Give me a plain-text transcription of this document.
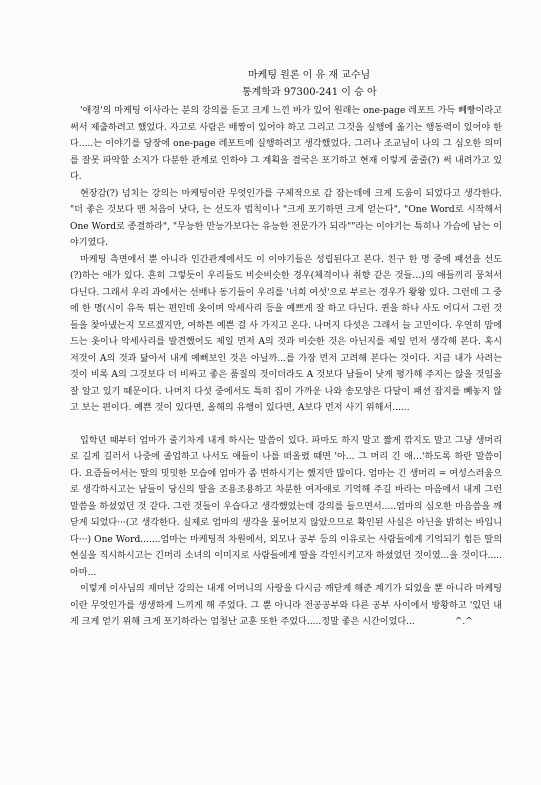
마케팅 원론 이 유 재 교수님
통계학과 97300-241 이 승 아

'애경'의 마케팅 이사라는 분의 강의를 듣고 크게 느낀 바가 있어 원래는 one-page 레포트 가득 빼빵이라고 써서 제출하려고 했었다. 자고로 사람은 배짱이 있어야 하고 그리고 그것을 실행에 옮기는 행동력이 있어야 한다.....는 이야기를 당장에 one-page 레포트에 실행하려고 생각했었다. 그러나 조교님이 나의 그 심오한 의미를 잘못 파악할 소지가 다분한 관계로 인하야 그 계획을 결국은 포기하고 현재 이렇게 줄줄(?) 써 내려가고 있다.

현장감(?) 넘치는 강의는 마케팅이란 무엇인가를 구체적으로 감 잡는데에 크게 도움이 되었다고 생각한다. "더 좋은 것보다 맨 처음이 낫다, 는 선도자 법칙이나 "크게 포기하면 크게 얻는다", "One Word로 시작해서 One Word로 종결하라", "무능한 만능가보다는 유능한 전문가가 되라""라는 이야기는 특히나 가슴에 남는 이야기였다.

마케팅 측면에서 뿐 아니라 인간관계에서도 이 이야기들은 성립된다고 본다. 친구 한 명 중에 패션을 선도(?)하는 애가 있다. 흔히 그렇듯이 우리들도 비슷비슷한 경우(체격이나 취향 같은 것들…)의 애들끼리 뭉쳐서 다닌다. 그래서 우리 과에서는 선배나 동기들이 우리를 '너희 여섯'으로 부르는 경우가 왕왕 있다. 그런데 그 중에 한 명(시이 유독 튀는 편인데 옷이며 악세사리 등을 예쁘게 잘 하고 다닌다. 퀸을 하나 사도 어디서 그런 것들을 찾아냈는지 모르겠지만, 여하튼 예쁜 걸 사 가지고 온다. 나머지 다섯은 그래서 늘 고민이다. 우연히 맘에 드는 옷이나 악세사리를 발견했어도 제일 먼저 A의 것과 비슷한 것은 아닌지를 제일 먼저 생각해 본다. 혹시 저것이 A의 것과 닮아서 내게 예뻐보인 것은 아닐까...를 가장 먼저 고려해 본다는 것이다. 지금 내가 사려는 것이 비록 A의 그것보다 더 비싸고 좋은 품질의 것이더라도 A 것보다 남들이 낫게 평가해 주지는 않을 것임을 잘 알고 있기 때문이다. 나머지 다섯 중에서도 특히 집이 가까운 나와 송모양은 다달이 패션 잡지를 빼놓지 않고 보는 편이다. 예쁜 것이 있다면, 올해의 유행이 있다면, A보다 먼저 사기 위해서......

입학년 때부터 엄마가 줄기차게 내게 하시는 말씀이 있다. 파마도 하지 말고 짧게 깎지도 말고 그냥 생머리로 길게 길러서 나중에 졸업하고 나서도 애들이 나를 떠올렸 때면 '아... 그 머리 긴 애…'하도록 하란 말씀이다. 요즘들어서는 딸의 밋밋한 모습에 엄마가 좀 변하시기는 했지만 많이다. 엄마는 긴 생머리 = 여성스러움으로 생각하시고는 남들이 당신의 딸을 조용조용하고 차분한 여자애로 기억해 주길 바라는 마음에서 내게 그런 말씀을 하셨었던 것 같다. 그런 것들이 우습다고 생각했었는데 강의를 들으면서.....엄마의 심오한 마음씀을 깨닫게 되었다···(고 생각한다. 실제로 엄마의 생각을 물어보지 않았으므로 확인된 사실은 아닌을 밝히는 바입니다···) One Word.......엄마는 마케팅적 차원에서, 외모나 공부 등의 이유로는 사람들에게 기억되기 힘든 딸의 현실을 직시하시고는 긴머리 소녀의 이미지로 사람들에게 딸을 각인시키고자 하셨었던 것이였...을 것이다.....아마...

이렇게 이사님의 재미난 강의는 내게 어머니의 사랑을 다시금 깨닫게 해준 계기가 되었을 뿐 아니라 마케팅이란 무엇인가를 생생하게 느끼게 해 주었다. 그 뿐 아니라 전공공부와 다른 공부 사이에서 방황하고 '있던 내게 크게 얻기 위해 크게 포기하라는 엄청난 교훈 또한 주었다.....정말 좋은 시간이었다...	^.^
